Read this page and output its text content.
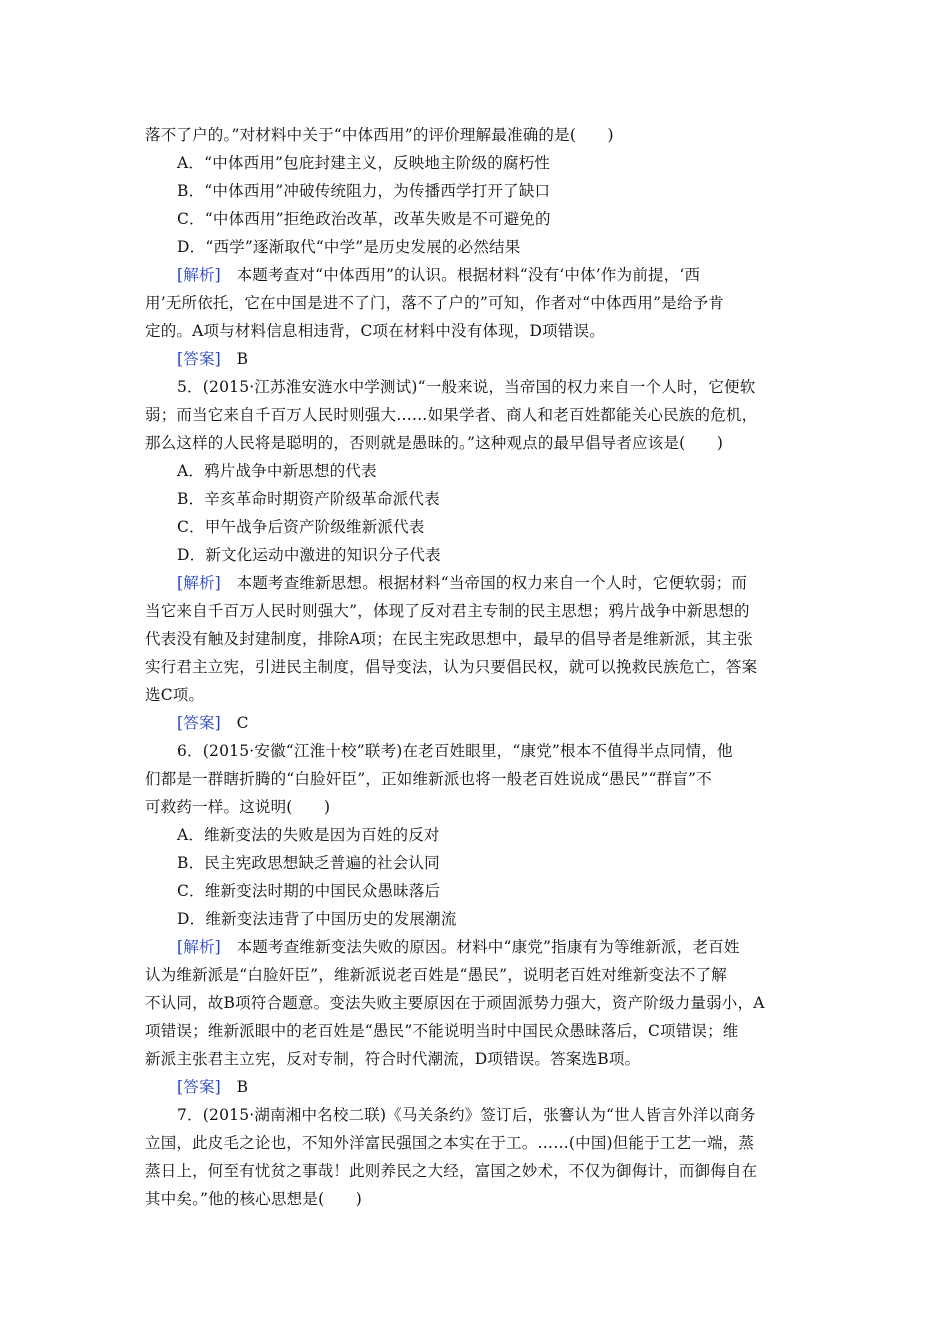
落不了户的。”对材料中关于“中体西用”的评价理解最准确的是(　　)
A．“中体西用”包庇封建主义，反映地主阶级的腐朽性
B．“中体西用”冲破传统阻力，为传播西学打开了缺口
C．“中体西用”拒绝政治改革，改革失败是不可避免的
D．“西学”逐渐取代“中学”是历史发展的必然结果
[解析]　本题考查对“中体西用”的认识。根据材料“没有‘中体’作为前提，‘西
用’无所依托，它在中国是进不了门，落不了户的”可知，作者对“中体西用”是给予肯
定的。A项与材料信息相违背，C项在材料中没有体现，D项错误。
[答案]　B
5．(2015·江苏淮安涟水中学测试)“一般来说，当帝国的权力来自一个人时，它便软
弱；而当它来自千百万人民时则强大……如果学者、商人和老百姓都能关心民族的危机，
那么这样的人民将是聪明的，否则就是愚昧的。”这种观点的最早倡导者应该是(　　)
A．鸦片战争中新思想的代表
B．辛亥革命时期资产阶级革命派代表
C．甲午战争后资产阶级维新派代表
D．新文化运动中激进的知识分子代表
[解析]　本题考查维新思想。根据材料“当帝国的权力来自一个人时，它便软弱；而
当它来自千百万人民时则强大”，体现了反对君主专制的民主思想；鸦片战争中新思想的
代表没有触及封建制度，排除A项；在民主宪政思想中，最早的倡导者是维新派，其主张
实行君主立宪，引进民主制度，倡导变法，认为只要倡民权，就可以挽救民族危亡，答案
选C项。
[答案]　C
6．(2015·安徽“江淮十校”联考)在老百姓眼里，“康党”根本不值得半点同情，他
们都是一群瞎折腾的“白脸奸臣”，正如维新派也将一般老百姓说成“愚民”“群盲”不
可救药一样。这说明(　　)
A．维新变法的失败是因为百姓的反对
B．民主宪政思想缺乏普遍的社会认同
C．维新变法时期的中国民众愚昧落后
D．维新变法违背了中国历史的发展潮流
[解析]　本题考查维新变法失败的原因。材料中“康党”指康有为等维新派，老百姓
认为维新派是“白脸奸臣”，维新派说老百姓是“愚民”，说明老百姓对维新变法不了解
不认同，故B项符合题意。变法失败主要原因在于顽固派势力强大，资产阶级力量弱小，A
项错误；维新派眼中的老百姓是“愚民”不能说明当时中国民众愚昧落后，C项错误；维
新派主张君主立宪，反对专制，符合时代潮流，D项错误。答案选B项。
[答案]　B
7．(2015·湖南湘中名校二联)《马关条约》签订后，张謇认为“世人皆言外洋以商务
立国，此皮毛之论也，不知外洋富民强国之本实在于工。……(中国)但能于工艺一端，蒸
蒸日上，何至有忧贫之事哉！此则养民之大经，富国之妙术，不仅为御侮计，而御侮自在
其中矣。”他的核心思想是(　　)
